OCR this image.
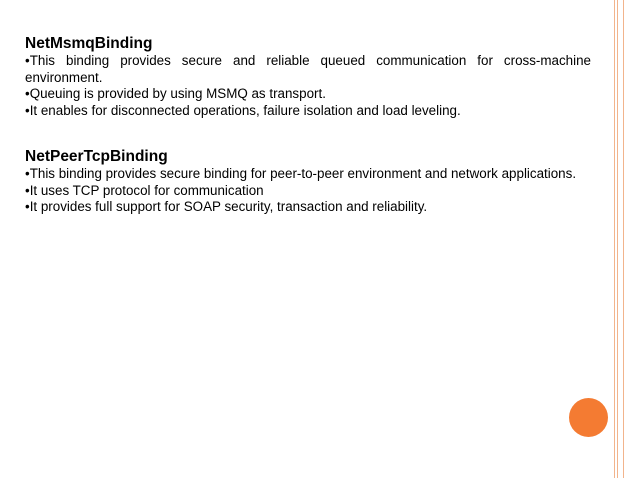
NetMsmqBinding

•This binding provides secure and reliable queued communication for cross-machine environment.
•Queuing is provided by using MSMQ as transport.
•It enables for disconnected operations, failure isolation and load leveling.

NetPeerTcpBinding

•This binding provides secure binding for peer-to-peer environment and network applications.
•It uses TCP protocol for communication
•It provides full support for SOAP security, transaction and reliability.
